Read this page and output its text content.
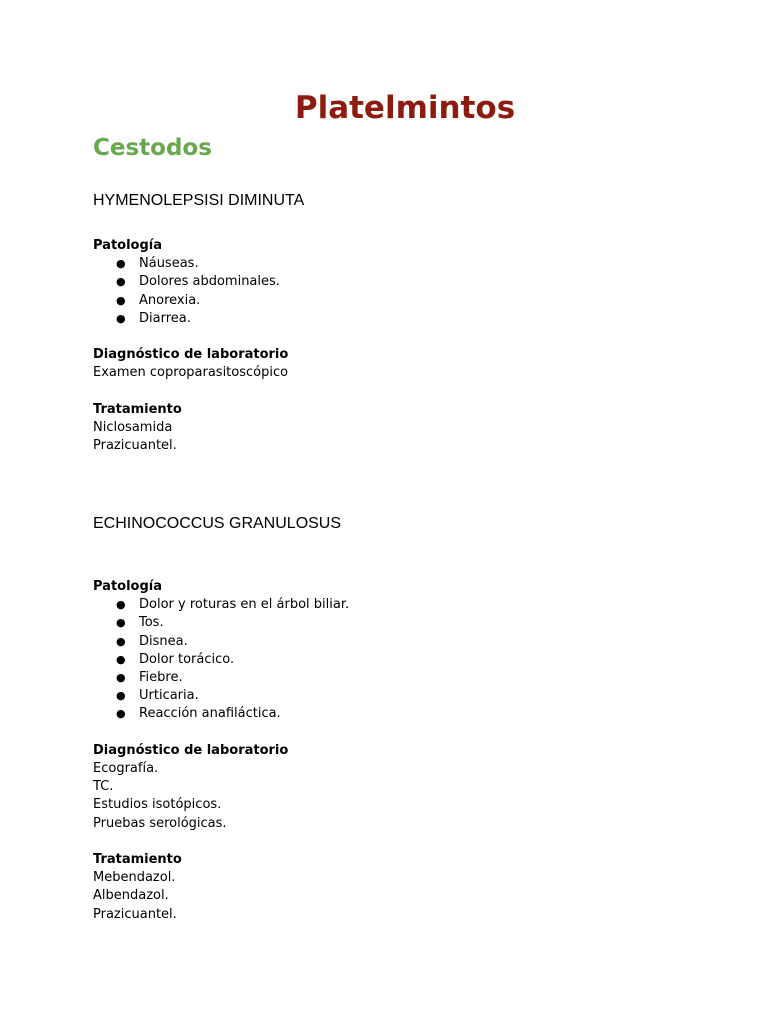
Platelmintos
Cestodos

HYMENOLEPSISI DIMINUTA

Patología

● Náuseas.
● Dolores abdominales.
● Anorexia.
● Diarrea.

Diagnóstico de laboratorio

Examen coproparasitoscópico

Tratamiento

Niclosamida

Prazicuantel.

ECHINOCOCCUS GRANULOSUS

Patología

● Dolor y roturas en el árbol biliar.
● Tos.
● Disnea.
● Dolor torácico.
● Fiebre.
● Urticaria.
● Reacción anafiláctica.

Diagnóstico de laboratorio

Ecografía.

TC.

Estudios isotópicos.

Pruebas serológicas.

Tratamiento

Mebendazol.

Albendazol.

Prazicuantel.
